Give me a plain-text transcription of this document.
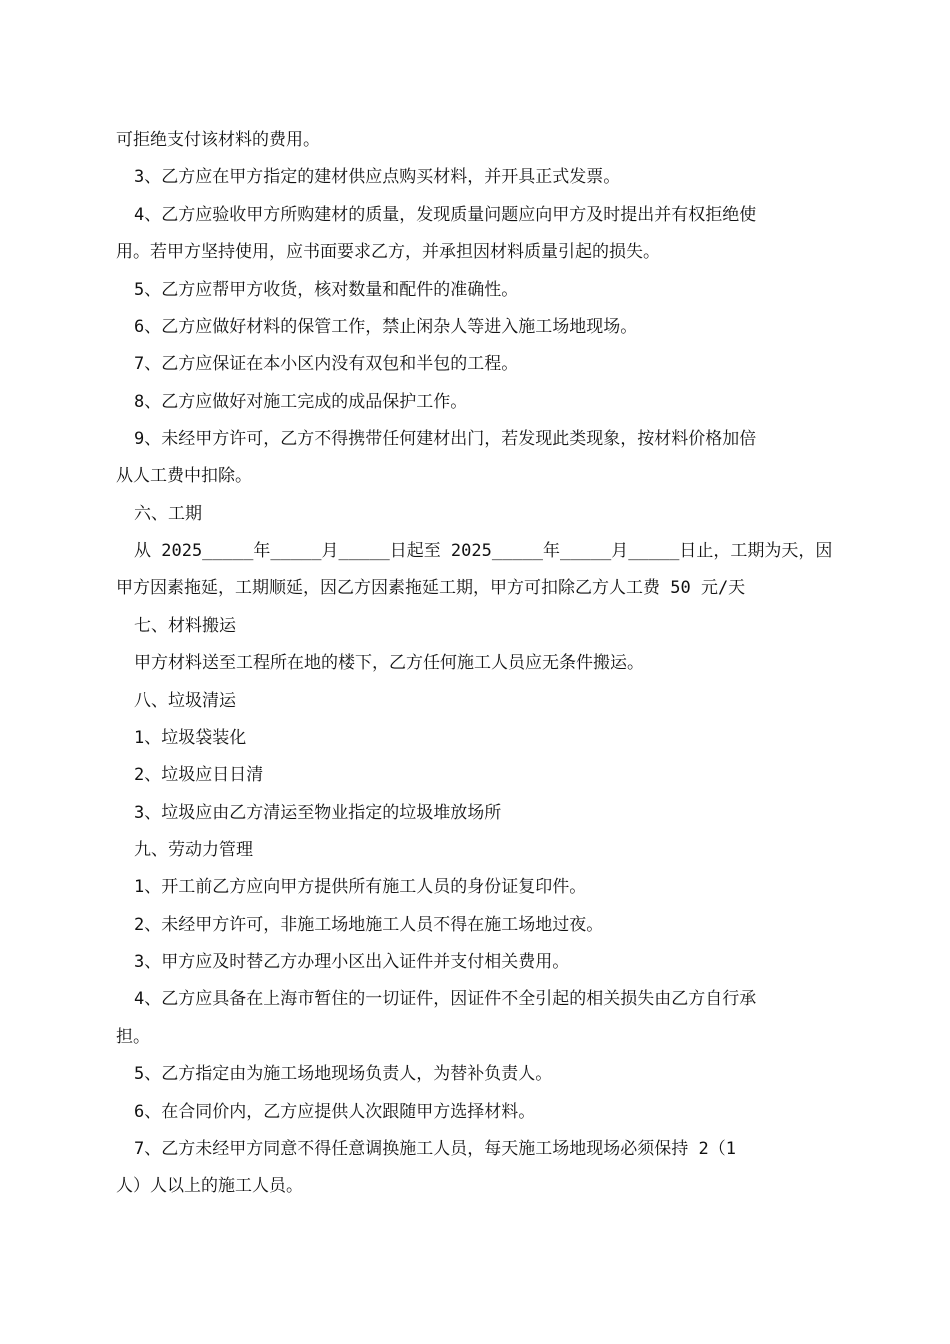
可拒绝支付该材料的费用。
3、乙方应在甲方指定的建材供应点购买材料，并开具正式发票。
4、乙方应验收甲方所购建材的质量，发现质量问题应向甲方及时提出并有权拒绝使
用。若甲方坚持使用，应书面要求乙方，并承担因材料质量引起的损失。
5、乙方应帮甲方收货，核对数量和配件的准确性。
6、乙方应做好材料的保管工作，禁止闲杂人等进入施工场地现场。
7、乙方应保证在本小区内没有双包和半包的工程。
8、乙方应做好对施工完成的成品保护工作。
9、未经甲方许可，乙方不得携带任何建材出门，若发现此类现象，按材料价格加倍
从人工费中扣除。
六、工期
从 2025_____年_____月_____日起至 2025_____年_____月_____日止，工期为天，因
甲方因素拖延，工期顺延，因乙方因素拖延工期，甲方可扣除乙方人工费 50 元/天
七、材料搬运
甲方材料送至工程所在地的楼下，乙方任何施工人员应无条件搬运。
八、垃圾清运
1、垃圾袋装化
2、垃圾应日日清
3、垃圾应由乙方清运至物业指定的垃圾堆放场所
九、劳动力管理
1、开工前乙方应向甲方提供所有施工人员的身份证复印件。
2、未经甲方许可，非施工场地施工人员不得在施工场地过夜。
3、甲方应及时替乙方办理小区出入证件并支付相关费用。
4、乙方应具备在上海市暂住的一切证件，因证件不全引起的相关损失由乙方自行承
担。
5、乙方指定由为施工场地现场负责人，为替补负责人。
6、在合同价内，乙方应提供人次跟随甲方选择材料。
7、乙方未经甲方同意不得任意调换施工人员，每天施工场地现场必须保持 2（1
人）人以上的施工人员。
